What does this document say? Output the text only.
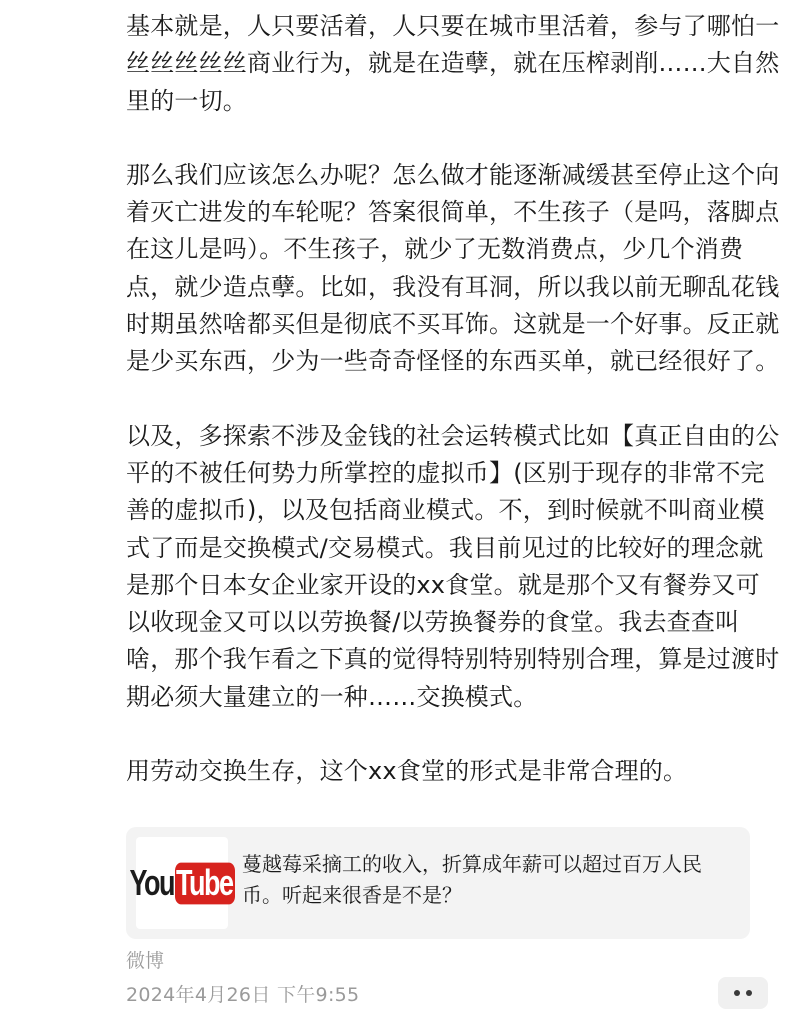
基本就是，人只要活着，人只要在城市里活着，参与了哪怕一丝丝丝丝丝商业行为，就是在造孽，就在压榨剥削……大自然里的一切。

那么我们应该怎么办呢？怎么做才能逐渐减缓甚至停止这个向着灭亡进发的车轮呢？答案很简单，不生孩子（是吗，落脚点在这儿是吗）。不生孩子，就少了无数消费点，少几个消费点，就少造点孽。比如，我没有耳洞，所以我以前无聊乱花钱时期虽然啥都买但是彻底不买耳饰。这就是一个好事。反正就是少买东西，少为一些奇奇怪怪的东西买单，就已经很好了。

以及，多探索不涉及金钱的社会运转模式比如【真正自由的公平的不被任何势力所掌控的虚拟币】(区别于现存的非常不完善的虚拟币)，以及包括商业模式。不，到时候就不叫商业模式了而是交换模式/交易模式。我目前见过的比较好的理念就是那个日本女企业家开设的xx食堂。就是那个又有餐券又可以收现金又可以以劳换餐/以劳换餐券的食堂。我去查查叫啥，那个我乍看之下真的觉得特别特别特别合理，算是过渡时期必须大量建立的一种……交换模式。

用劳动交换生存，这个xx食堂的形式是非常合理的。

You Tube 蔓越莓采摘工的收入，折算成年薪可以超过百万人民币。听起来很香是不是？
微博
2024年4月26日 下午9:55
